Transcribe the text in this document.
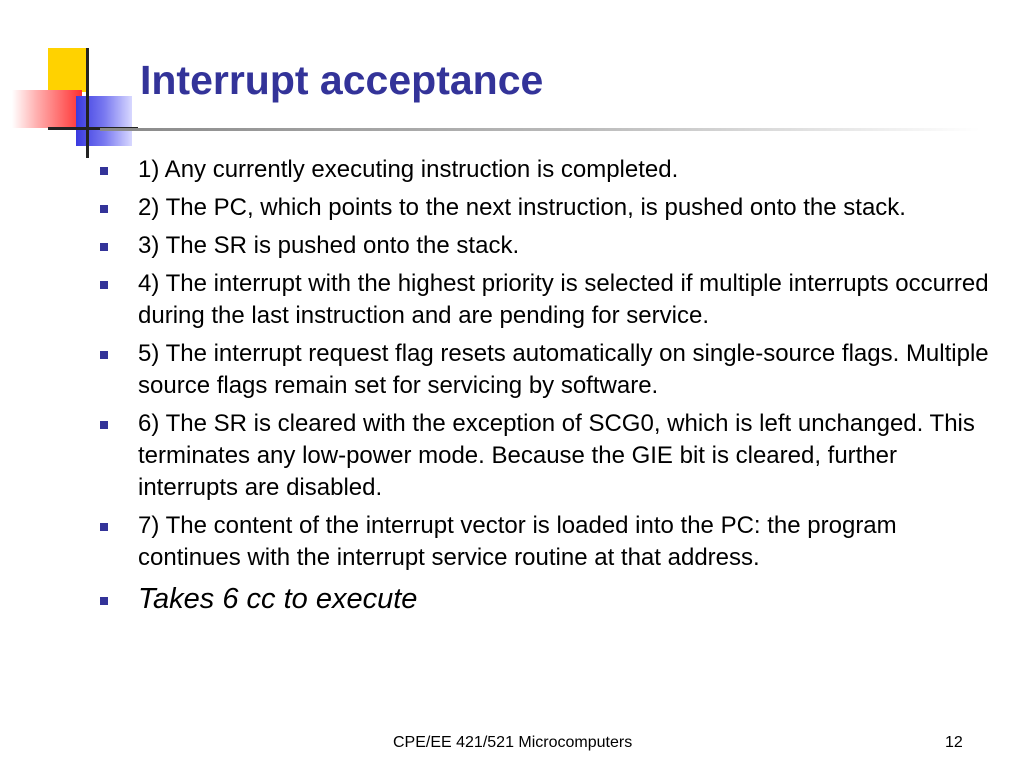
Interrupt acceptance
1) Any currently executing instruction is completed.
2) The PC, which points to the next instruction, is pushed onto the stack.
3) The SR is pushed onto the stack.
4) The interrupt with the highest priority is selected if multiple interrupts occurred during the last instruction and are pending for service.
5) The interrupt request flag resets automatically on single-source flags. Multiple source flags remain set for servicing by software.
6) The SR is cleared with the exception of SCG0, which is left unchanged. This terminates any low-power mode. Because the GIE bit is cleared, further interrupts are disabled.
7) The content of the interrupt vector is loaded into the PC: the program continues with the interrupt service routine at that address.
Takes 6 cc to execute
CPE/EE 421/521 Microcomputers	12
